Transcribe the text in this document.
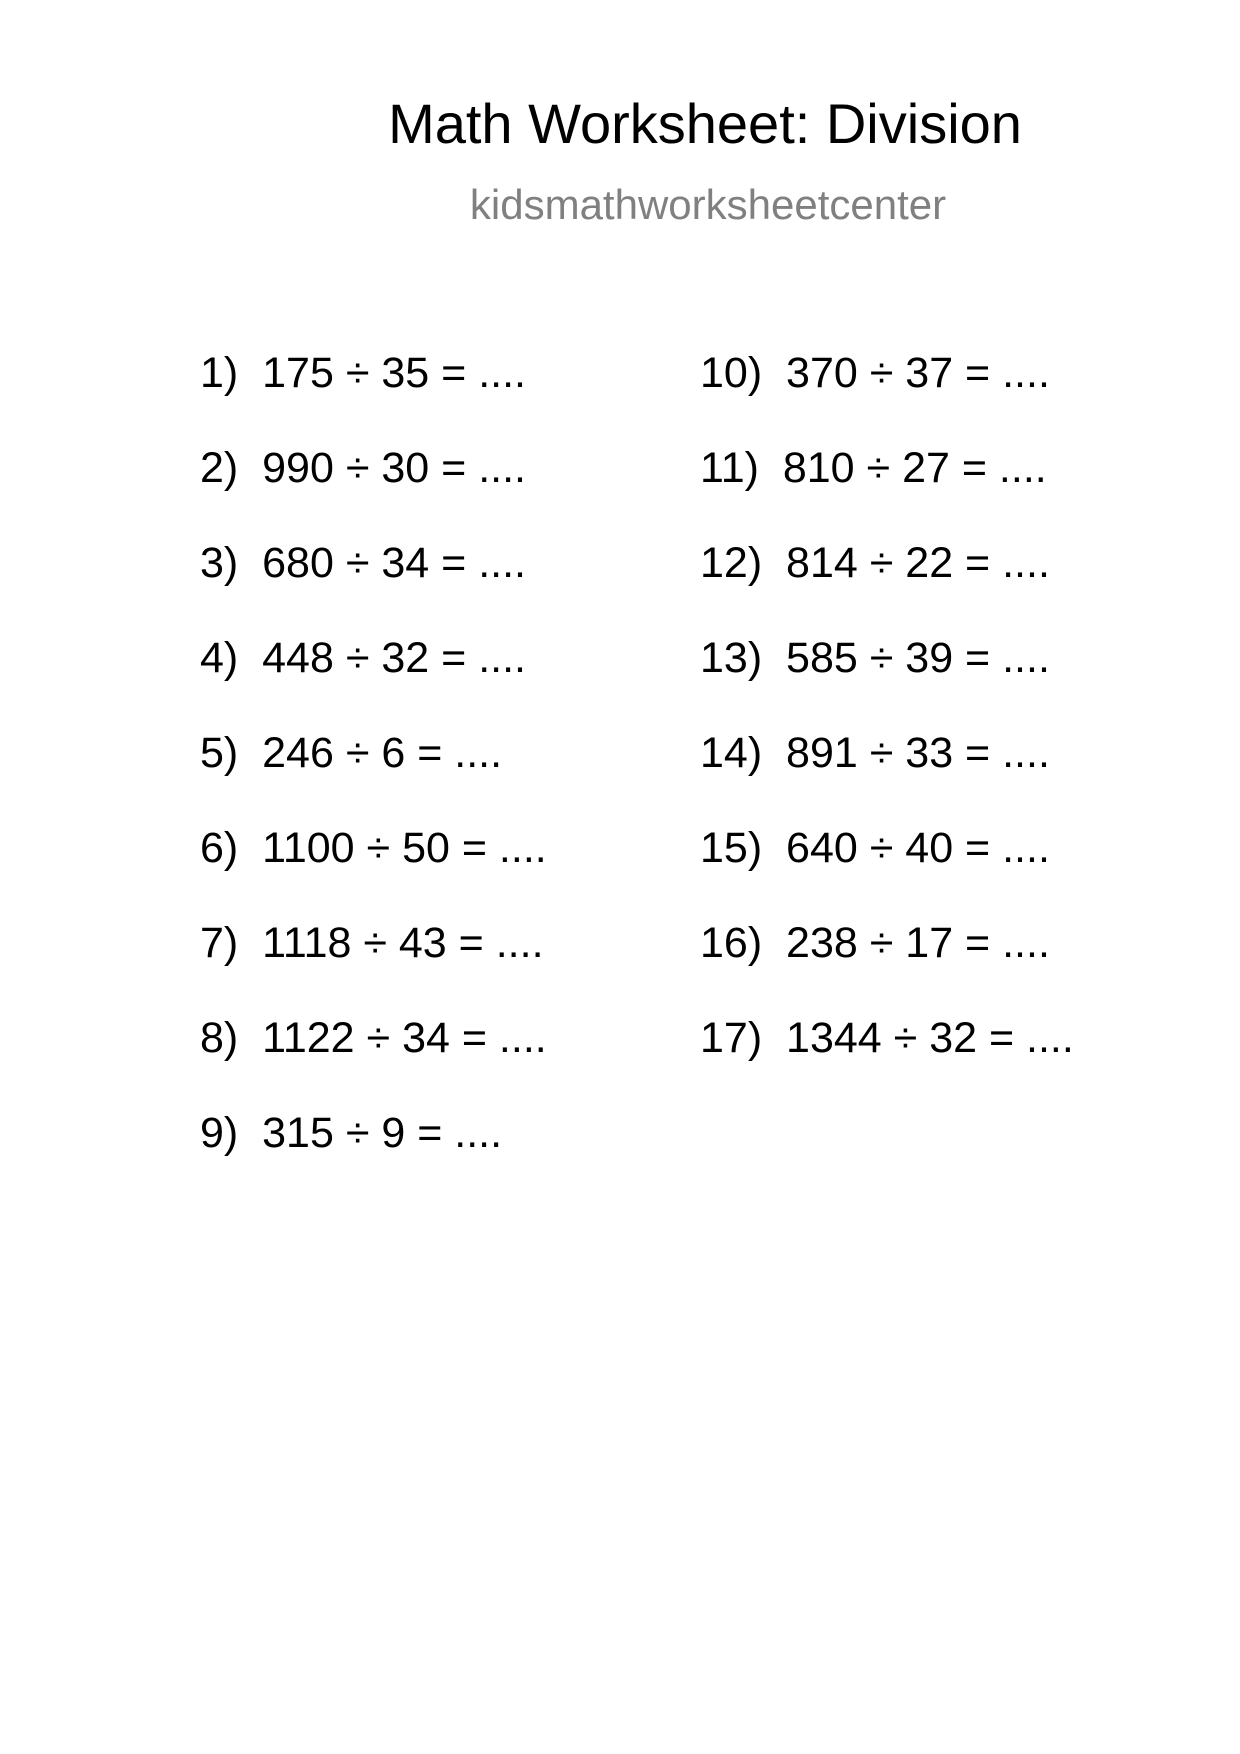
Math Worksheet: Division
kidsmathworksheetcenter
1)  175 ÷ 35 = ....
2)  990 ÷ 30 = ....
3)  680 ÷ 34 = ....
4)  448 ÷ 32 = ....
5)  246 ÷ 6 = ....
6)  1100 ÷ 50 = ....
7)  1118 ÷ 43 = ....
8)  1122 ÷ 34 = ....
9)  315 ÷ 9 = ....
10)  370 ÷ 37 = ....
11)  810 ÷ 27 = ....
12)  814 ÷ 22 = ....
13)  585 ÷ 39 = ....
14)  891 ÷ 33 = ....
15)  640 ÷ 40 = ....
16)  238 ÷ 17 = ....
17)  1344 ÷ 32 = ....
